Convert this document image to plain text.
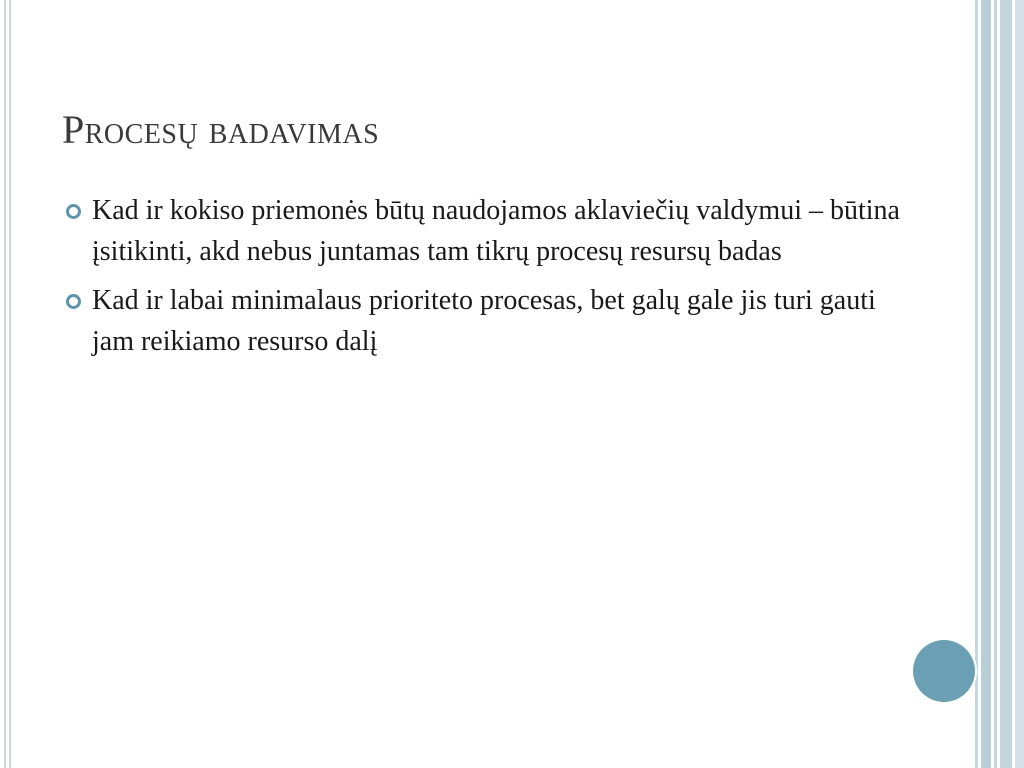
Procesų badavimas
Kad ir kokiso priemonės būtų naudojamos aklaviečių valdymui – būtina įsitikinti, akd nebus juntamas tam tikrų procesų resursų badas
Kad ir labai minimalaus prioriteto procesas, bet galų gale jis turi gauti jam reikiamo resurso dalį
